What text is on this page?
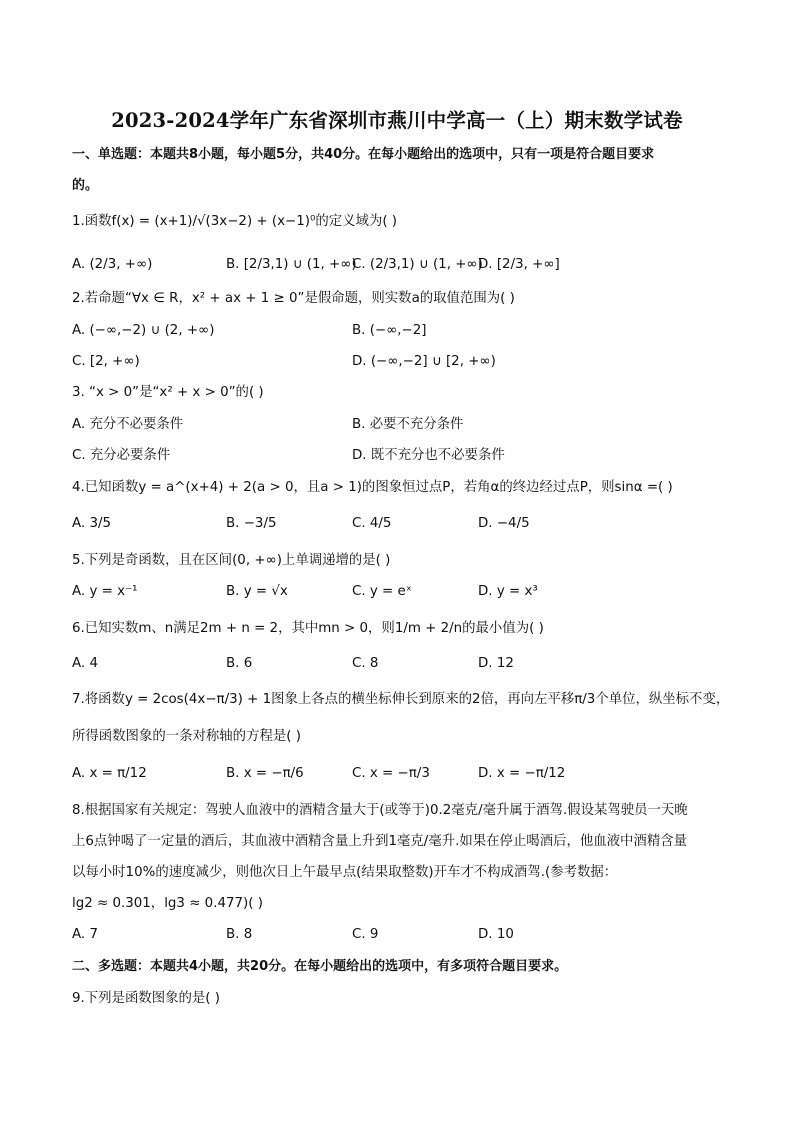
2023-2024学年广东省深圳市燕川中学高一（上）期末数学试卷
一、单选题：本题共8小题，每小题5分，共40分。在每小题给出的选项中，只有一项是符合题目要求
的。
1.函数f(x) = (x+1)/√(3x−2) + (x−1)⁰的定义域为( )
A. (2/3, +∞)	B. [2/3,1) ∪ (1, +∞)
C. (2/3,1) ∪ (1, +∞)
D. [2/3, +∞]
2.若命题“∀x ∈ R，x² + ax + 1 ≥ 0”是假命题，则实数a的取值范围为( )
A. (−∞,−2) ∪ (2, +∞)	B. (−∞,−2]
C. [2, +∞)	D. (−∞,−2] ∪ [2, +∞)
3. “x > 0”是“x² + x > 0”的( )
A. 充分不必要条件	B. 必要不充分条件
C. 充分必要条件	D. 既不充分也不必要条件
4.已知函数y = a^(x+4) + 2(a > 0，且a > 1)的图象恒过点P，若角α的终边经过点P，则sinα =( )
A. 3/5	B. −3/5	C. 4/5	D. −4/5
5.下列是奇函数，且在区间(0, +∞)上单调递增的是( )
A. y = x⁻¹	B. y = √x	C. y = eˣ	D. y = x³
6.已知实数m、n满足2m + n = 2，其中mn > 0，则1/m + 2/n的最小值为( )
A. 4	B. 6	C. 8	D. 12
7.将函数y = 2cos(4x−π/3) + 1图象上各点的横坐标伸长到原来的2倍，再向左平移π/3个单位，纵坐标不变，
所得函数图象的一条对称轴的方程是( )
A. x = π/12	B. x = −π/6	C. x = −π/3	D. x = −π/12
8.根据国家有关规定：驾驶人血液中的酒精含量大于(或等于)0.2毫克/毫升属于酒驾.假设某驾驶员一天晚
上6点钟喝了一定量的酒后，其血液中酒精含量上升到1毫克/毫升.如果在停止喝酒后，他血液中酒精含量
以每小时10%的速度减少，则他次日上午最早点(结果取整数)开车才不构成酒驾.(参考数据：
lg2 ≈ 0.301，lg3 ≈ 0.477)( )
A. 7	B. 8	C. 9	D. 10
二、多选题：本题共4小题，共20分。在每小题给出的选项中，有多项符合题目要求。
9.下列是函数图象的是( )
